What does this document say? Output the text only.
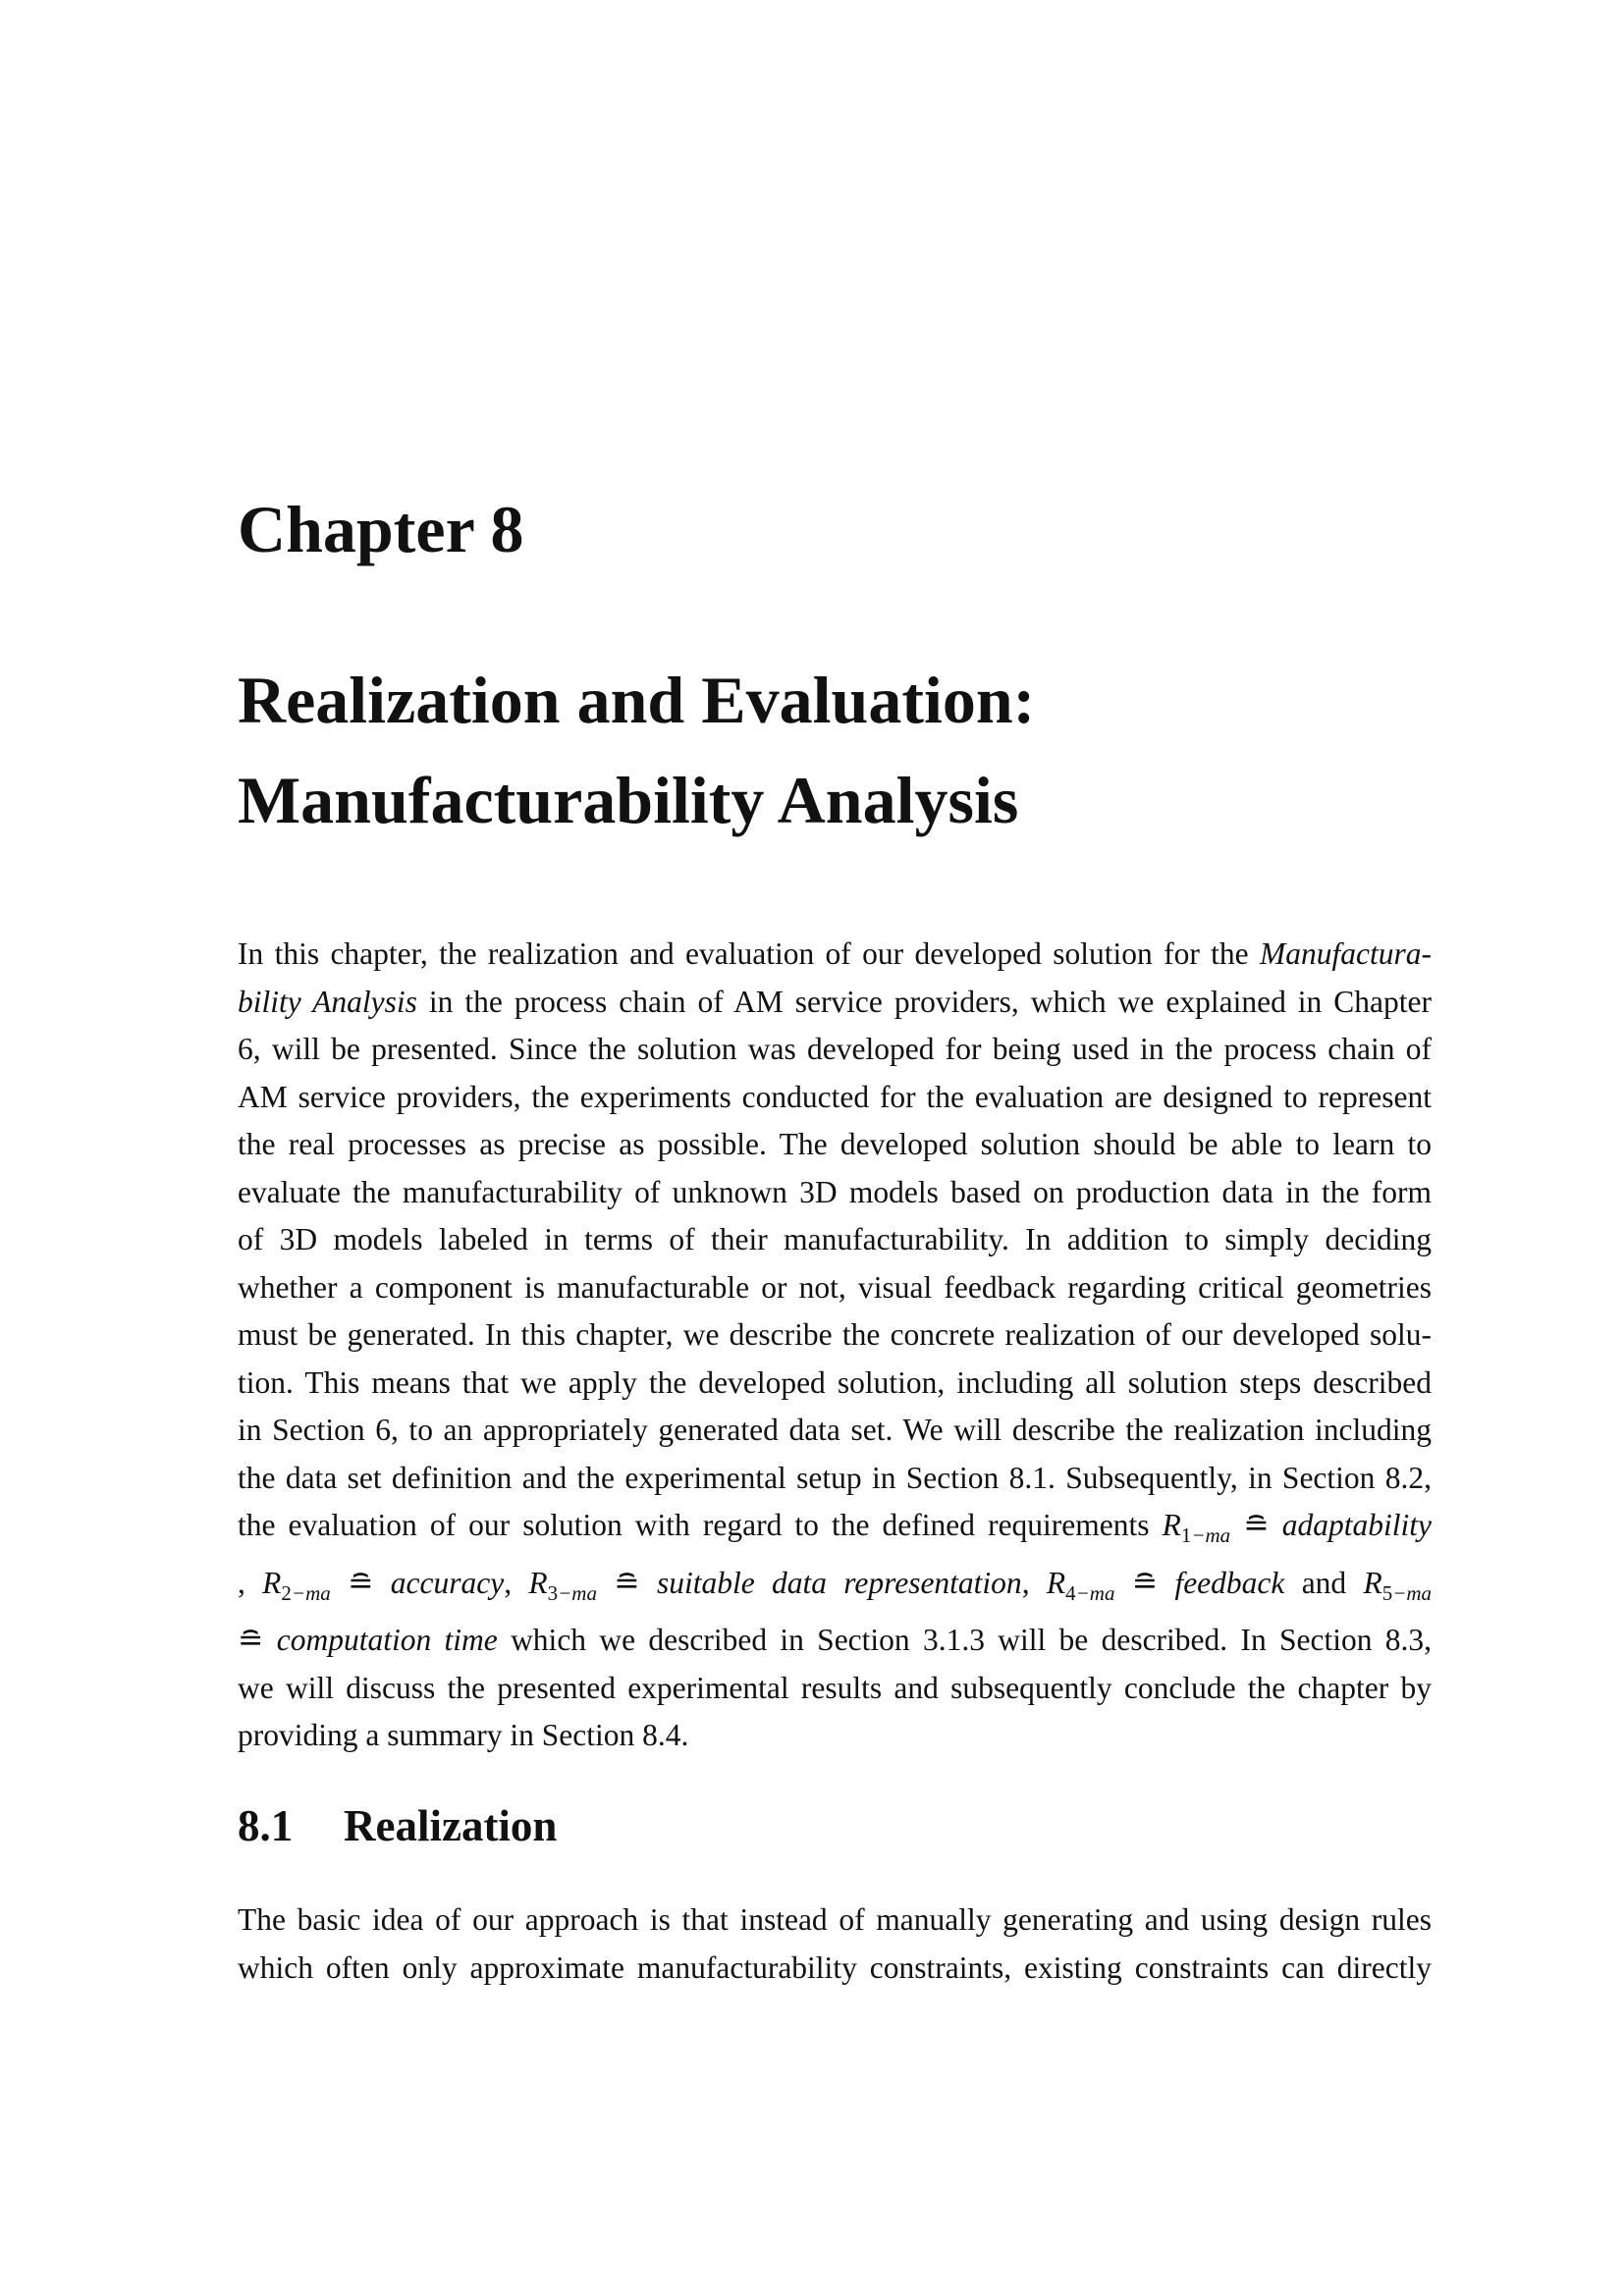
Chapter 8
Realization and Evaluation:
Manufacturability Analysis
In this chapter, the realization and evaluation of our developed solution for the Manufactura-
bility Analysis in the process chain of AM service providers, which we explained in Chapter
6, will be presented. Since the solution was developed for being used in the process chain of
AM service providers, the experiments conducted for the evaluation are designed to represent
the real processes as precise as possible. The developed solution should be able to learn to
evaluate the manufacturability of unknown 3D models based on production data in the form
of 3D models labeled in terms of their manufacturability. In addition to simply deciding
whether a component is manufacturable or not, visual feedback regarding critical geometries
must be generated. In this chapter, we describe the concrete realization of our developed solu-
tion. This means that we apply the developed solution, including all solution steps described
in Section 6, to an appropriately generated data set. We will describe the realization including
the data set definition and the experimental setup in Section 8.1. Subsequently, in Section 8.2,
the evaluation of our solution with regard to the defined requirements $R_{1-ma}$ ≘ adaptability
, $R_{2-ma}$ ≘ accuracy, $R_{3-ma}$ ≘ suitable data representation, $R_{4-ma}$ ≘ feedback and $R_{5-ma}$
≘ computation time which we described in Section 3.1.3 will be described. In Section 8.3,
we will discuss the presented experimental results and subsequently conclude the chapter by
providing a summary in Section 8.4.
8.1 Realization
The basic idea of our approach is that instead of manually generating and using design rules
which often only approximate manufacturability constraints, existing constraints can directly
